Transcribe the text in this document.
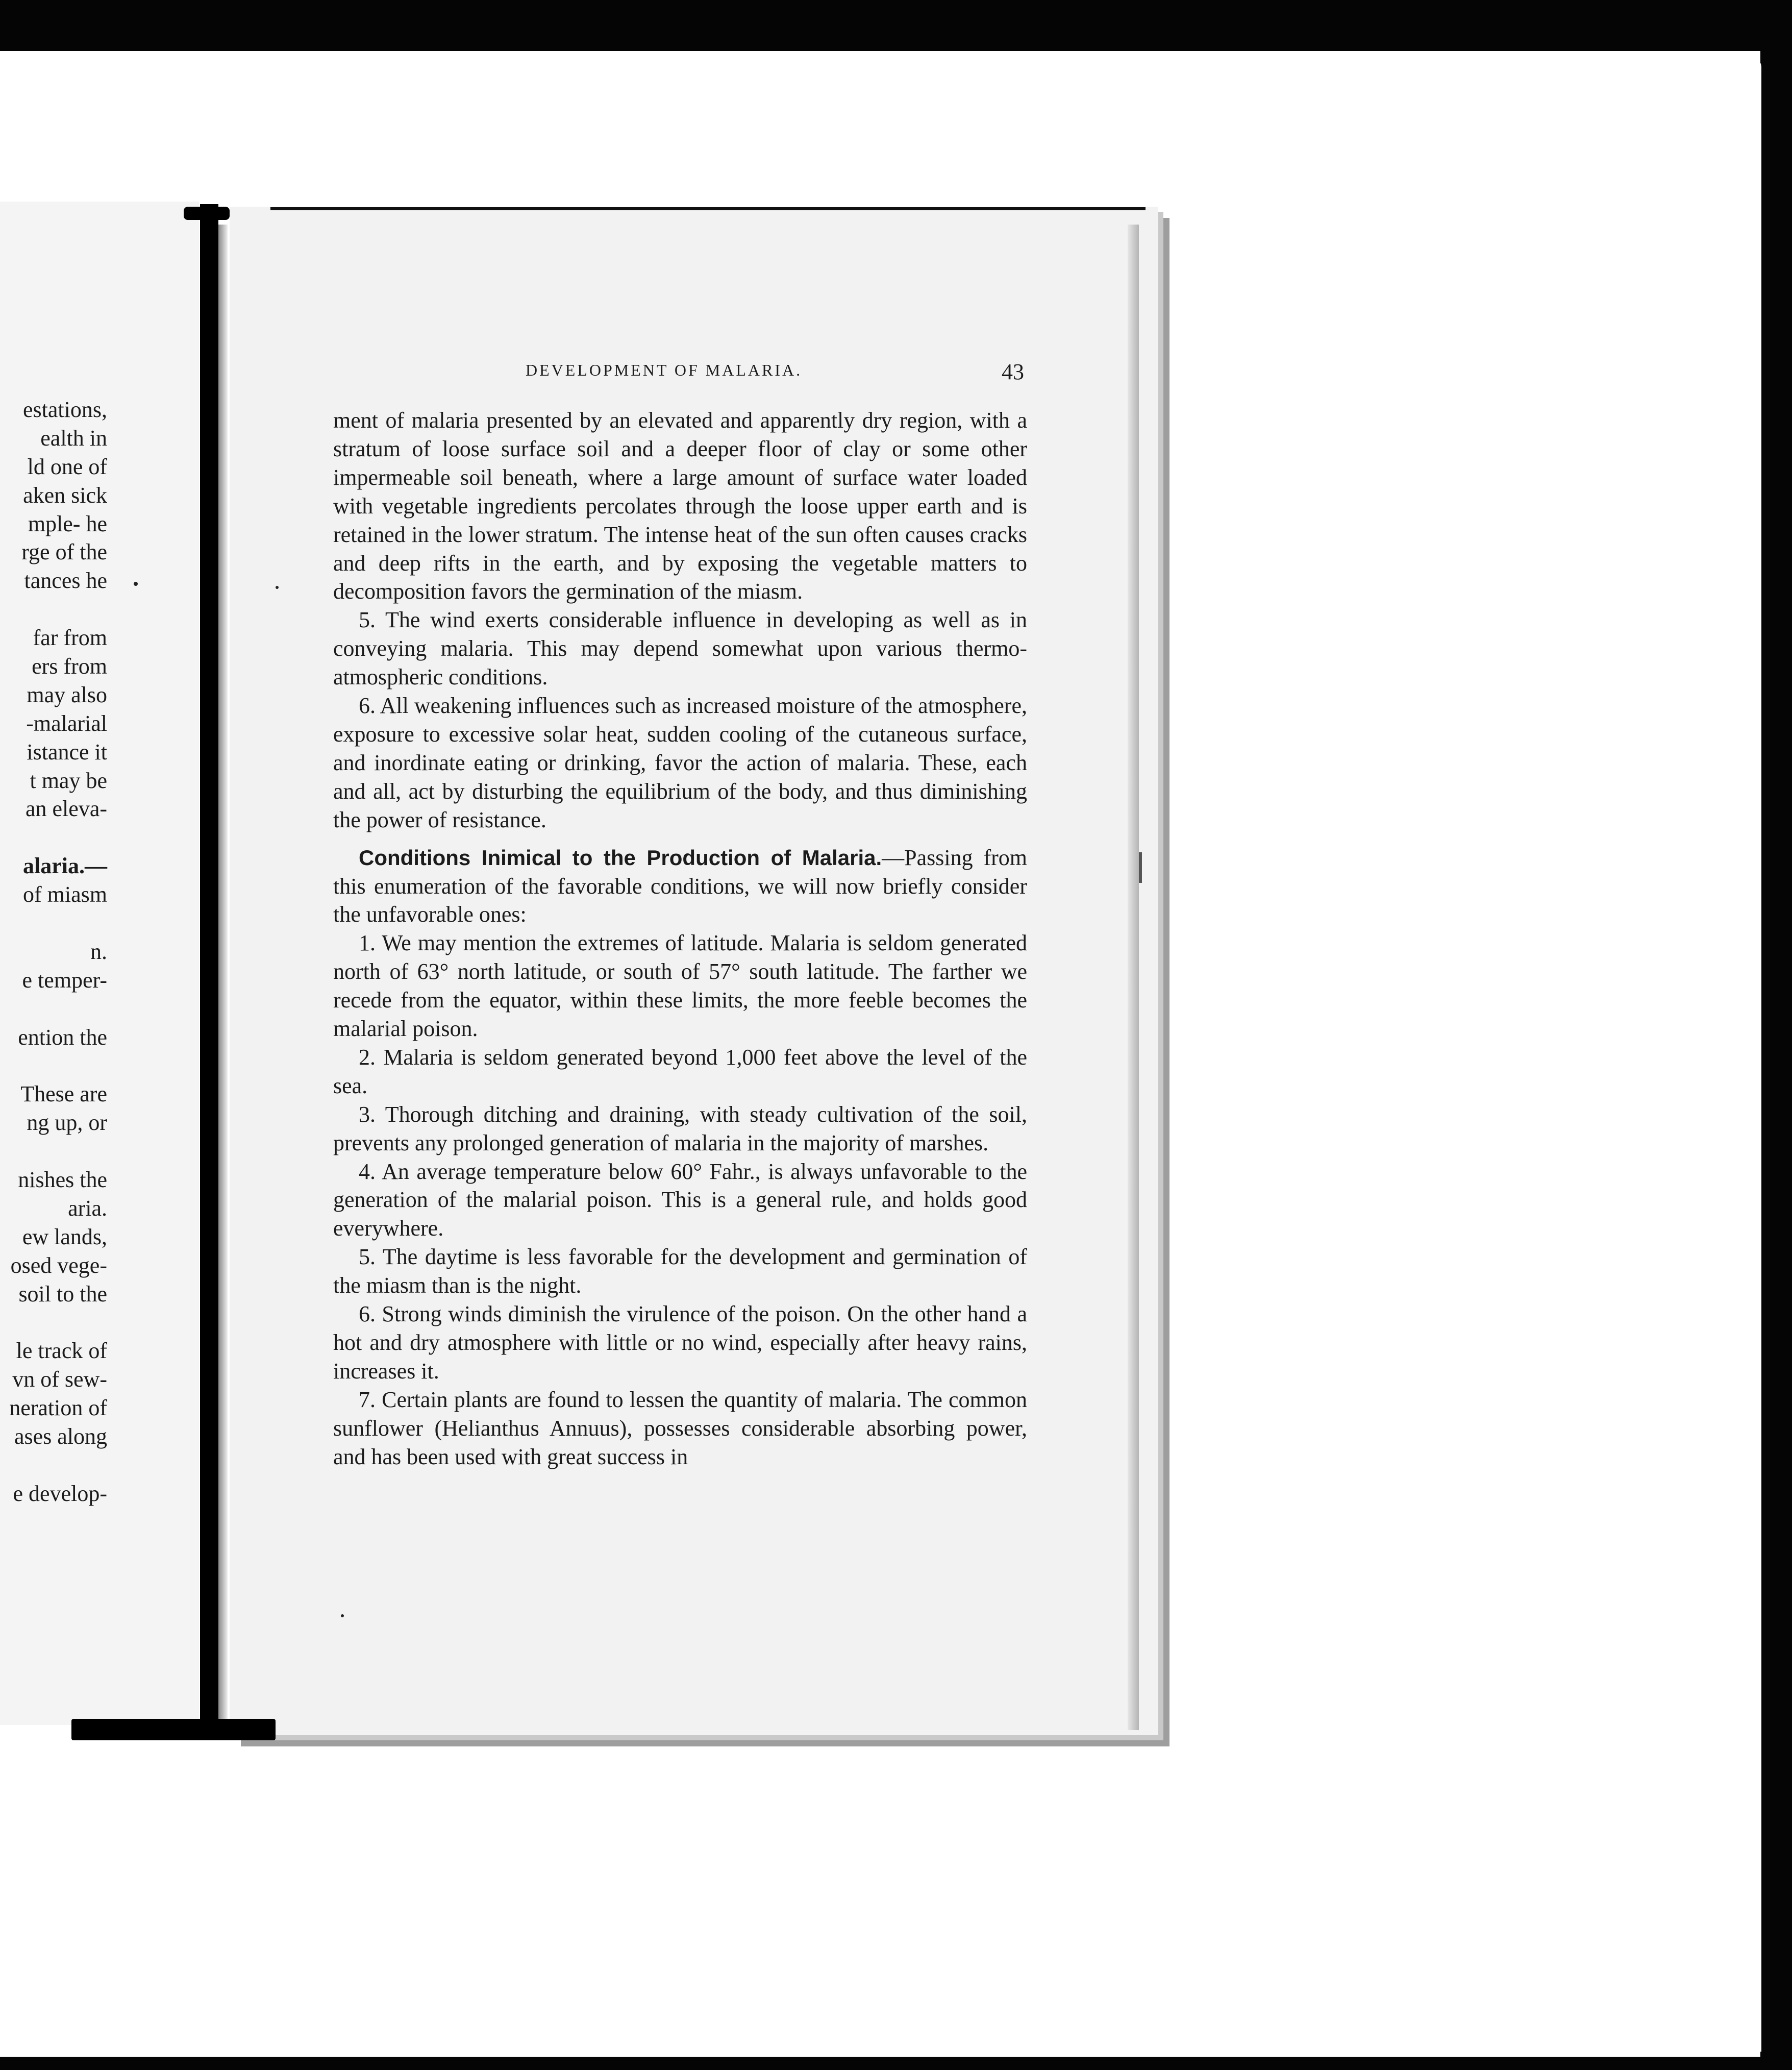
estations,
ealth in
ld one of
aken sick
mple- he
rge of the
tances he

far from
ers from
may also
-malarial
istance it
t may be
an eleva-

alaria.—
of miasm

n.
e temper-

ention the

These are
ng up, or

nishes the
aria.
ew lands,
osed vege-
soil to the

le track of
vn of sew-
neration of
ases along

e develop-
DEVELOPMENT OF MALARIA.	43

ment of malaria presented by an elevated and apparently dry region, with a stratum of loose surface soil and a deeper floor of clay or some other impermeable soil beneath, where a large amount of surface water loaded with vegetable ingredients percolates through the loose upper earth and is retained in the lower stratum. The intense heat of the sun often causes cracks and deep rifts in the earth, and by exposing the vegetable matters to decomposition favors the germination of the miasm.

5. The wind exerts considerable influence in developing as well as in conveying malaria. This may depend somewhat upon various thermo-atmospheric conditions.

6. All weakening influences such as increased moisture of the atmosphere, exposure to excessive solar heat, sudden cooling of the cutaneous surface, and inordinate eating or drinking, favor the action of malaria. These, each and all, act by disturbing the equilibrium of the body, and thus diminishing the power of resistance.

Conditions Inimical to the Production of Malaria.—Passing from this enumeration of the favorable conditions, we will now briefly consider the unfavorable ones:

1. We may mention the extremes of latitude. Malaria is seldom generated north of 63° north latitude, or south of 57° south latitude. The farther we recede from the equator, within these limits, the more feeble becomes the malarial poison.

2. Malaria is seldom generated beyond 1,000 feet above the level of the sea.

3. Thorough ditching and draining, with steady cultivation of the soil, prevents any prolonged generation of malaria in the majority of marshes.

4. An average temperature below 60° Fahr., is always unfavorable to the generation of the malarial poison. This is a general rule, and holds good everywhere.

5. The daytime is less favorable for the development and germination of the miasm than is the night.

6. Strong winds diminish the virulence of the poison. On the other hand a hot and dry atmosphere with little or no wind, especially after heavy rains, increases it.

7. Certain plants are found to lessen the quantity of malaria. The common sunflower (Helianthus Annuus), possesses considerable absorbing power, and has been used with great success in
